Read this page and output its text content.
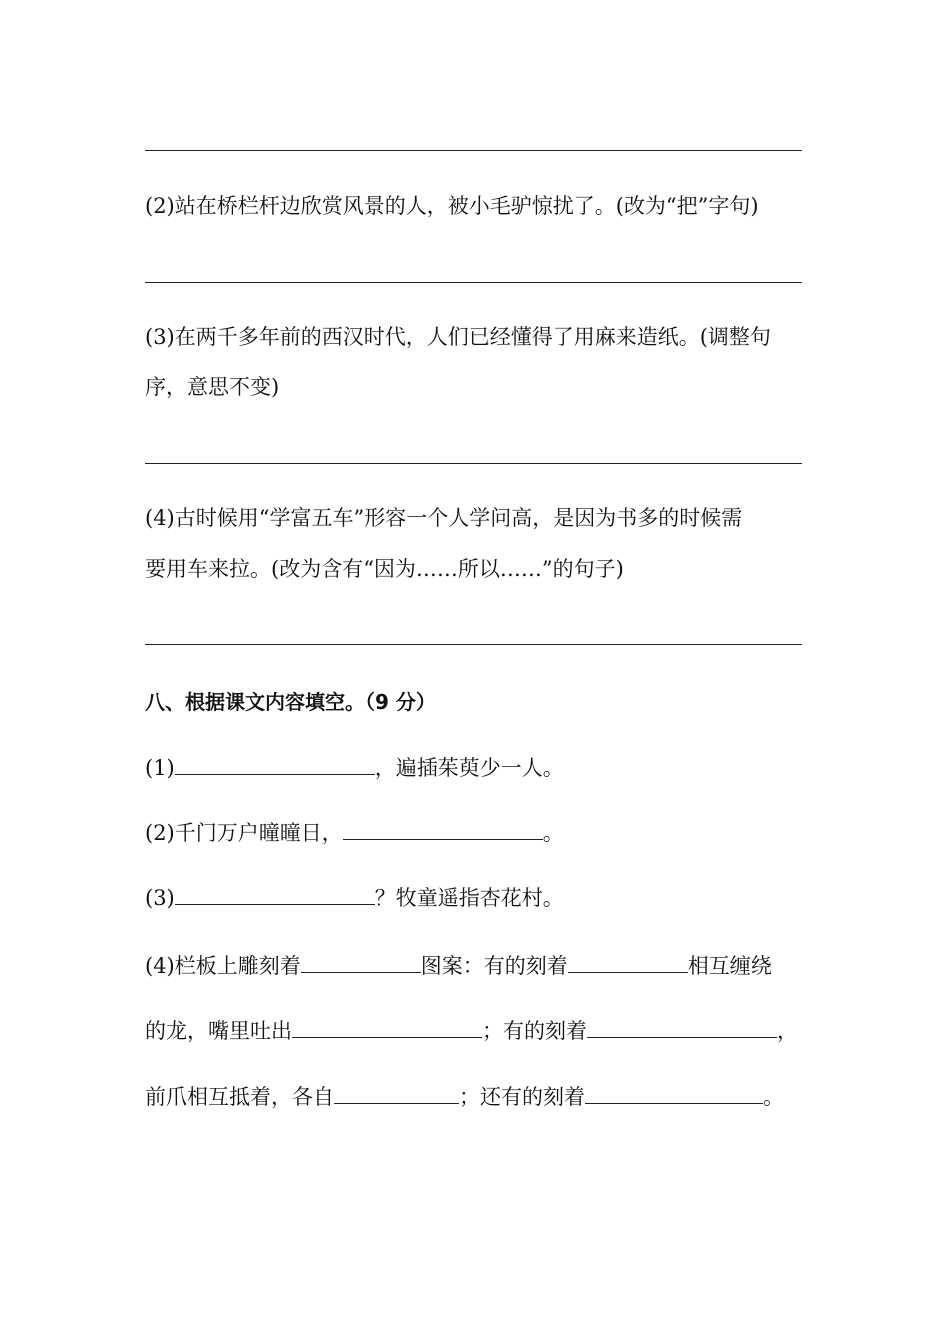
(2)站在桥栏杆边欣赏风景的人，被小毛驴惊扰了。(改为“把”字句)
(3)在两千多年前的西汉时代，人们已经懂得了用麻来造纸。(调整句
序，意思不变)
(4)古时候用“学富五车”形容一个人学问高，是因为书多的时候需
要用车来拉。(改为含有“因为……所以……”的句子)
八、根据课文内容填空。（9 分）
(1)	，遍插茱萸少一人。
(2)千门万户曈曈日，	。
(3)	？牧童遥指杏花村。
(4)栏板上雕刻着	图案：有的刻着	相互缠绕
的龙，嘴里吐出	；有的刻着	，
前爪相互抵着，各自	；还有的刻着	。
